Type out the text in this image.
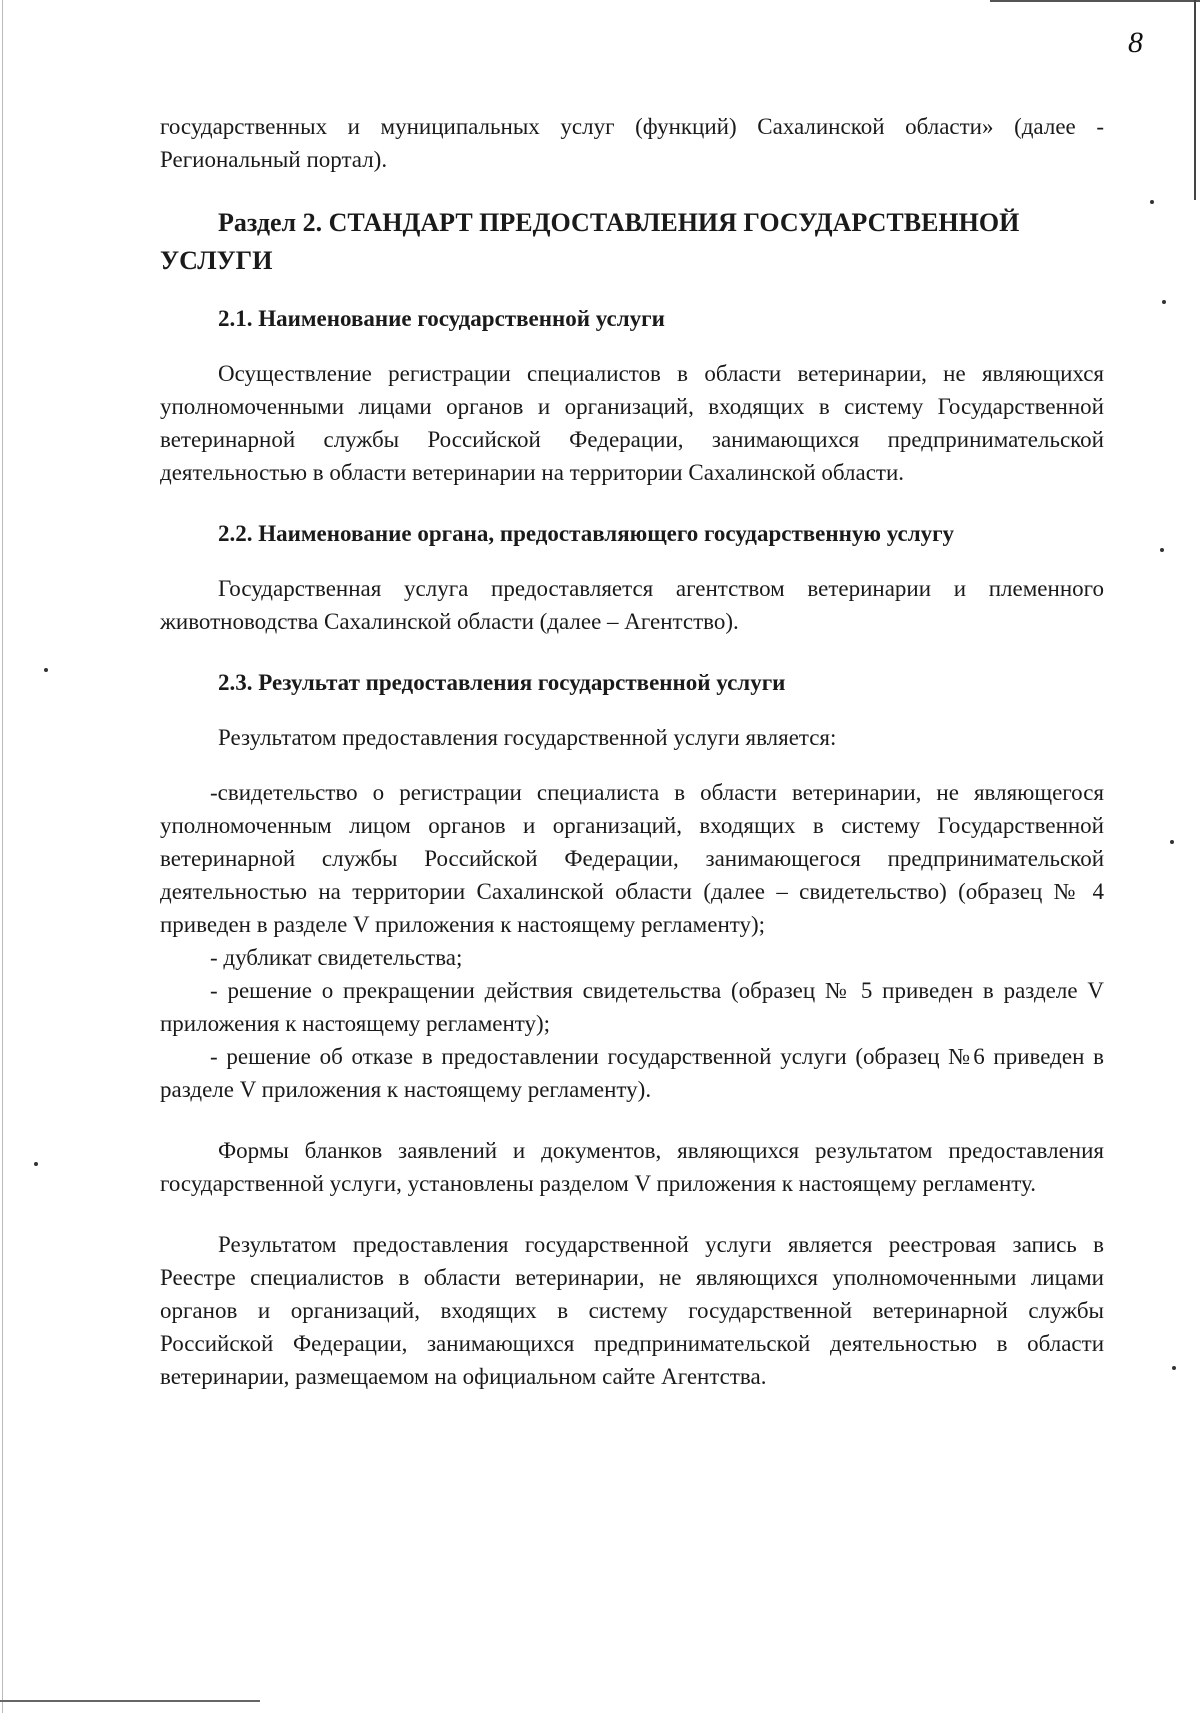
8

государственных и муниципальных услуг (функций) Сахалинской области» (далее - Региональный портал).

Раздел 2. СТАНДАРТ ПРЕДОСТАВЛЕНИЯ ГОСУДАРСТВЕННОЙ УСЛУГИ

2.1. Наименование государственной услуги

Осуществление регистрации специалистов в области ветеринарии, не являющихся уполномоченными лицами органов и организаций, входящих в систему Государственной ветеринарной службы Российской Федерации, занимающихся предпринимательской деятельностью в области ветеринарии на территории Сахалинской области.

2.2. Наименование органа, предоставляющего государственную услугу

Государственная услуга предоставляется агентством ветеринарии и племенного животноводства Сахалинской области (далее – Агентство).

2.3. Результат предоставления государственной услуги

Результатом предоставления государственной услуги является:

-свидетельство о регистрации специалиста в области ветеринарии, не являющегося уполномоченным лицом органов и организаций, входящих в систему Государственной ветеринарной службы Российской Федерации, занимающегося предпринимательской деятельностью на территории Сахалинской области (далее – свидетельство) (образец № 4 приведен в разделе V приложения к настоящему регламенту);

- дубликат свидетельства;

- решение о прекращении действия свидетельства (образец № 5 приведен в разделе V приложения к настоящему регламенту);

- решение об отказе в предоставлении государственной услуги (образец №6 приведен в разделе V приложения к настоящему регламенту).

Формы бланков заявлений и документов, являющихся результатом предоставления государственной услуги, установлены разделом V приложения к настоящему регламенту.

Результатом предоставления государственной услуги является реестровая запись в Реестре специалистов в области ветеринарии, не являющихся уполномоченными лицами органов и организаций, входящих в систему государственной ветеринарной службы Российской Федерации, занимающихся предпринимательской деятельностью в области ветеринарии, размещаемом на официальном сайте Агентства.
